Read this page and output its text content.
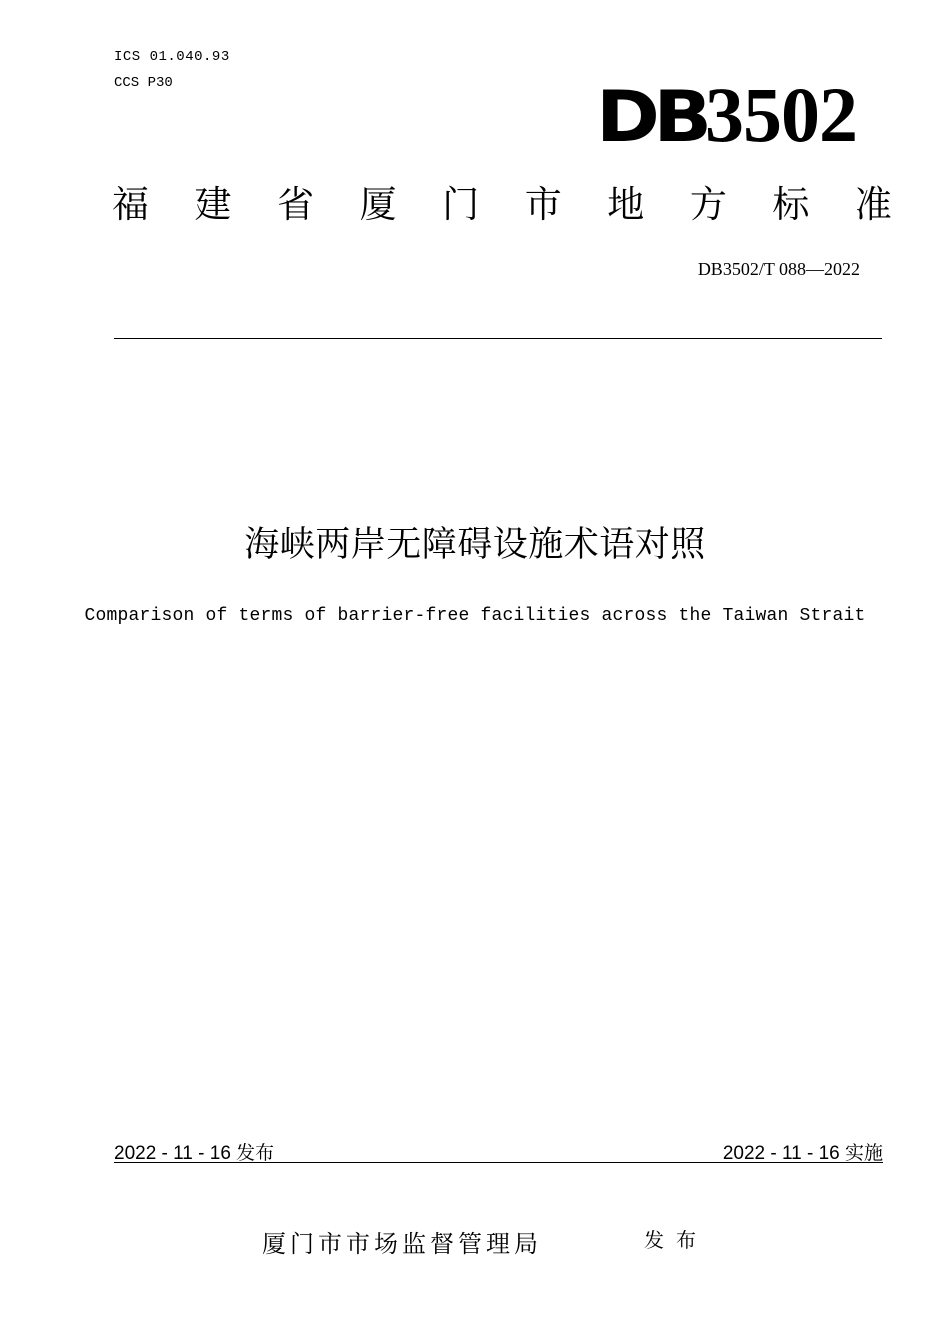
ICS 01.040.93
CCS P30	DB3502
福 建 省 厦 门 市 地 方 标 准
DB3502/T 088—2022
海峡两岸无障碍设施术语对照
Comparison of terms of barrier-free facilities across the Taiwan Strait
2022 - 11 - 16 发布	2022 - 11 - 16 实施
厦门市市场监督管理局	发布
